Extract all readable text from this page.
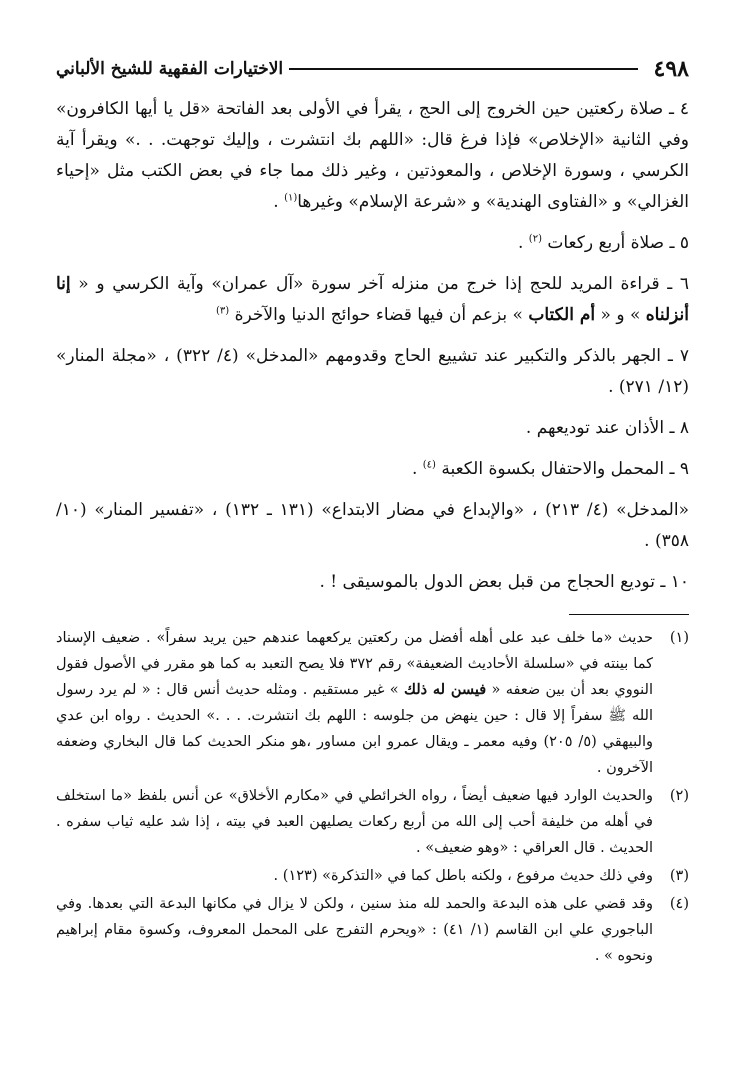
٤٩٨
الاختيارات الفقهية للشيخ الألباني

٤ ـ صلاة ركعتين حين الخروج إلى الحج ، يقرأ في الأولى بعد الفاتحة «قل يا أيها الكافرون» وفي الثانية «الإخلاص» فإذا فرغ قال: «اللهم بك انتشرت ، وإليك توجهت. . .» ويقرأ آية الكرسي ، وسورة الإخلاص ، والمعوذتين ، وغير ذلك مما جاء في بعض الكتب مثل «إحياء الغزالي» و «الفتاوى الهندية» و «شرعة الإسلام» وغيرها$^{(١)}$ .

٥ ـ صلاة أربع ركعات $^{(٢)}$ .

٦ ـ قراءة المريد للحج إذا خرج من منزله آخر سورة «آل عمران» وآية الكرسي و « إنا أنزلناه » و « أم الكتاب » بزعم أن فيها قضاء حوائج الدنيا والآخرة $^{(٣)}$

٧ ـ الجهر بالذكر والتكبير عند تشييع الحاج وقدومهم «المدخل» (٤/ ٣٢٢) ، «مجلة المنار» (١٢/ ٢٧١) .

٨ ـ الأذان عند توديعهم .

٩ ـ المحمل والاحتفال بكسوة الكعبة $^{(٤)}$ .

«المدخل» (٤/ ٢١٣) ، «والإبداع في مضار الابتداع» (١٣١ ـ ١٣٢) ، «تفسير المنار» (١٠/ ٣٥٨) .

١٠ ـ توديع الحجاج من قبل بعض الدول بالموسيقى ! .

(١)
حديث «ما خلف عبد على أهله أفضل من ركعتين يركعهما عندهم حين يريد سفراً» . ضعيف الإسناد كما بينته في «سلسلة الأحاديث الضعيفة» رقم ٣٧٢ فلا يصح التعبد به كما هو مقرر في الأصول فقول النووي بعد أن بين ضعفه « فيسن له ذلك » غير مستقيم . ومثله حديث أنس قال : « لم يرد رسول الله ﷺ سفراً إلا قال : حين ينهض من جلوسه : اللهم بك انتشرت. . . .» الحديث . رواه ابن عدي والبيهقي (٥/ ٢٠٥) وفيه معمر ـ ويقال عمرو ابن مساور ،هو منكر الحديث كما قال البخاري وضعفه الآخرون .
(٢)
والحديث الوارد فيها ضعيف أيضاً ، رواه الخرائطي في «مكارم الأخلاق» عن أنس بلفظ «ما استخلف في أهله من خليفة أحب إلى الله من أربع ركعات يصليهن العبد في بيته ، إذا شد عليه ثياب سفره . الحديث . قال العراقي : «وهو ضعيف» .
(٣)
وفي ذلك حديث مرفوع ، ولكنه باطل كما في «التذكرة» (١٢٣) .
(٤)
وقد قضي على هذه البدعة والحمد لله منذ سنين ، ولكن لا يزال في مكانها البدعة التي بعدها. وفي الباجوري علي ابن القاسم (١/ ٤١) : «ويحرم التفرج على المحمل المعروف، وكسوة مقام إبراهيم ونحوه » .
